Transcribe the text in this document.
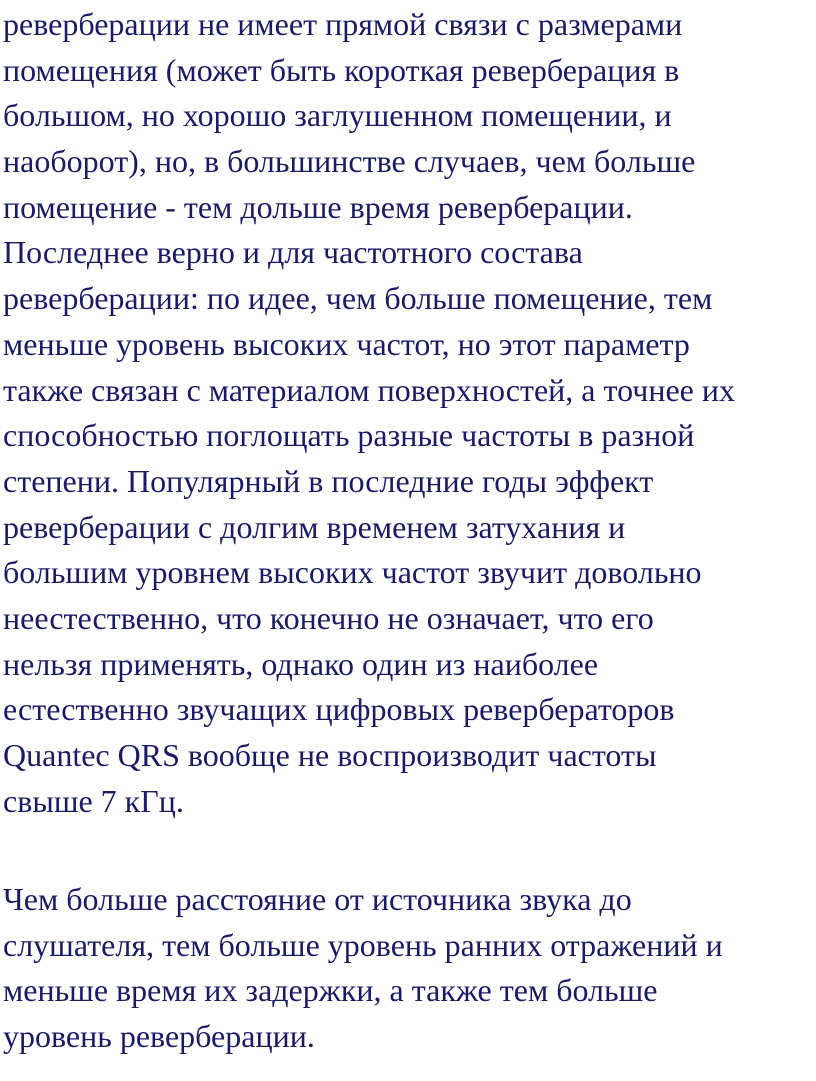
реверберации не имеет прямой связи с размерами
помещения (может быть короткая реверберация в
большом, но хорошо заглушенном помещении, и
наоборот), но, в большинстве случаев, чем больше
помещение - тем дольше время реверберации.
Последнее верно и для частотного состава
реверберации: по идее, чем больше помещение, тем
меньше уровень высоких частот, но этот параметр
также связан с материалом поверхностей, а точнее их
способностью поглощать разные частоты в разной
степени. Популярный в последние годы эффект
реверберации с долгим временем затухания и
большим уровнем высоких частот звучит довольно
неестественно, что конечно не означает, что его
нельзя применять, однако один из наиболее
естественно звучащих цифровых ревербераторов
Quantec QRS вообще не воспроизводит частоты
свыше 7 кГц.
Чем больше расстояние от источника звука до
слушателя, тем больше уровень ранних отражений и
меньше время их задержки, а также тем больше
уровень реверберации.
